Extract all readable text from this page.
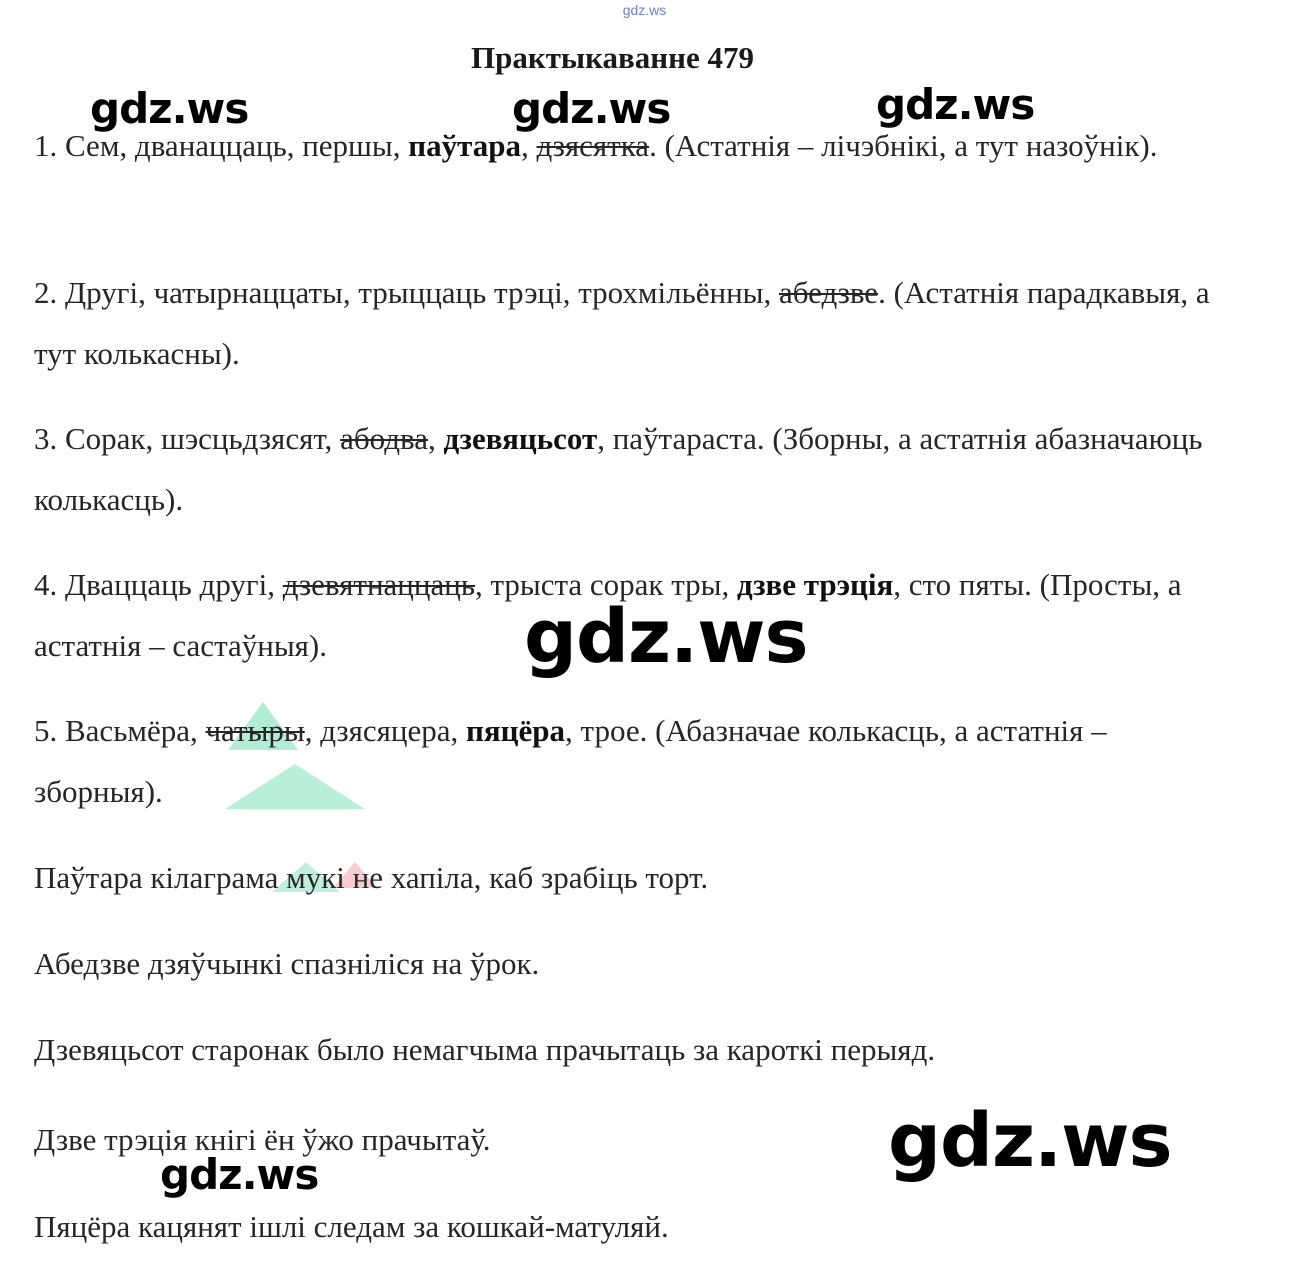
gdz.ws
Практыкаванне 479

1. Сем, дванаццаць, першы, паўтара, дзясятка. (Астатнія – лічэбнікі, а тут назоўнік).

2. Другі, чатырнаццаты, трыццаць трэці, трохмільённы, абедзве. (Астатнія парадкавыя, а тут колькасны).

3. Сорак, шэсцьдзясят, абодва, дзевяцьсот, паўтараста. (Зборны, а астатнія абазначаюць колькасць).

4. Дваццаць другі, дзевятнаццаць, трыста сорак тры, дзве трэція, сто пяты. (Просты, а астатнія – састаўныя).

5. Васьмёра, чатыры, дзясяцера, пяцёра, трое. (Абазначае колькасць, а астатнія – зборныя).

Паўтара кілаграма мукі не хапіла, каб зрабіць торт.

Абедзве дзяўчынкі спазніліся на ўрок.

Дзевяцьсот старонак было немагчыма прачытаць за кароткі перыяд.

Дзве трэція кнігі ён ўжо прачытаў.

Пяцёра кацянят ішлі следам за кошкай-матуляй.

gdz.ws	gdz.ws	gdz.ws
gdz.ws
gdz.ws
gdz.ws
